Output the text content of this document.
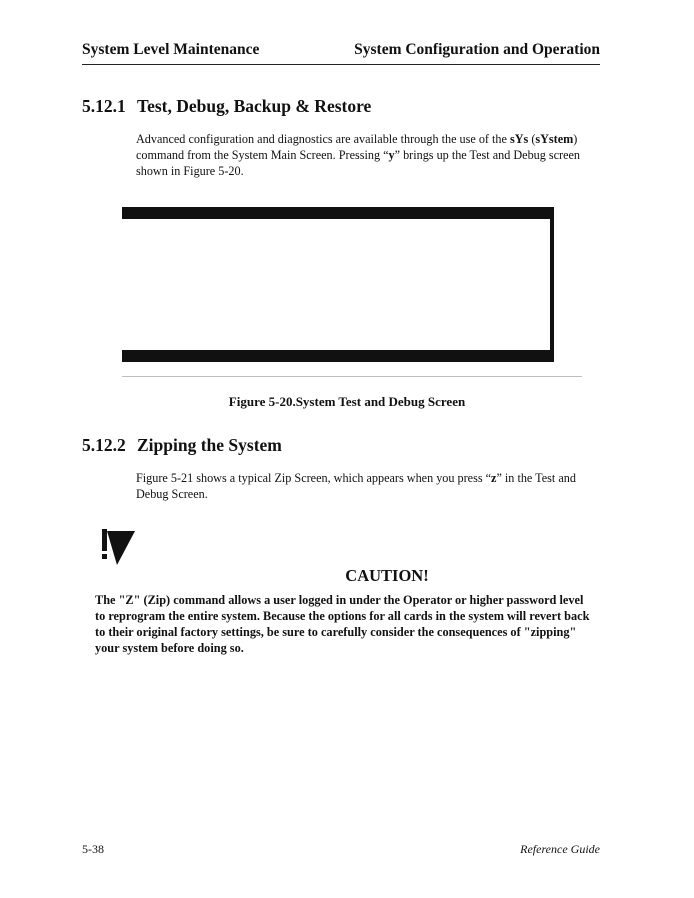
System Level Maintenance	System Configuration and Operation
5.12.1 Test, Debug, Backup & Restore
Advanced configuration and diagnostics are available through the use of the sYs (sYstem)
command from the System Main Screen. Pressing “y” brings up the Test and Debug screen
shown in Figure 5-20.

Test and Debug

07-17-13 08:58

Zip | Debug | Reg | Backup | rEstore | Amt |Main

Figure 5-20.System Test and Debug Screen
5.12.2 Zipping the System
Figure 5-21 shows a typical Zip Screen, which appears when you press “z” in the Test and
Debug Screen.
CAUTION!
The "Z" (Zip) command allows a user logged in under the Operator or higher password level
to reprogram the entire system. Because the options for all cards in the system will revert back
to their original factory settings, be sure to carefully consider the consequences of "zipping"
your system before doing so.
5-38	Reference Guide
